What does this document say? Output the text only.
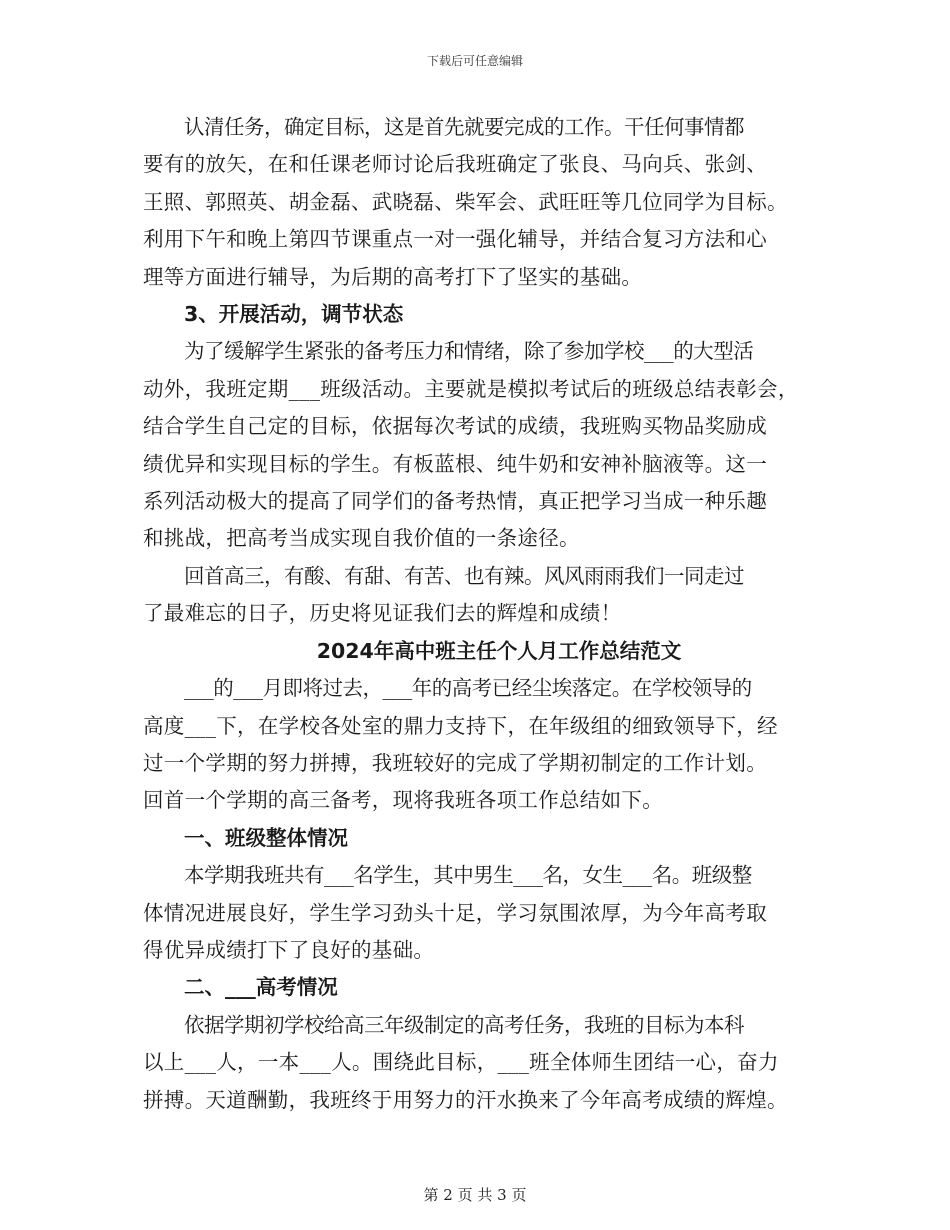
下载后可任意编辑

认清任务，确定目标，这是首先就要完成的工作。干任何事情都
要有的放矢，在和任课老师讨论后我班确定了张良、马向兵、张剑、
王照、郭照英、胡金磊、武晓磊、柴军会、武旺旺等几位同学为目标。
利用下午和晚上第四节课重点一对一强化辅导，并结合复习方法和心
理等方面进行辅导，为后期的高考打下了坚实的基础。

3、开展活动，调节状态

为了缓解学生紧张的备考压力和情绪，除了参加学校___的大型活
动外，我班定期___班级活动。主要就是模拟考试后的班级总结表彰会，
结合学生自己定的目标，依据每次考试的成绩，我班购买物品奖励成
绩优异和实现目标的学生。有板蓝根、纯牛奶和安神补脑液等。这一
系列活动极大的提高了同学们的备考热情，真正把学习当成一种乐趣
和挑战，把高考当成实现自我价值的一条途径。

回首高三，有酸、有甜、有苦、也有辣。风风雨雨我们一同走过
了最难忘的日子，历史将见证我们去的辉煌和成绩！

2024年高中班主任个人月工作总结范文

___的___月即将过去，___年的高考已经尘埃落定。在学校领导的
高度___下，在学校各处室的鼎力支持下，在年级组的细致领导下，经
过一个学期的努力拼搏，我班较好的完成了学期初制定的工作计划。
回首一个学期的高三备考，现将我班各项工作总结如下。

一、班级整体情况

本学期我班共有___名学生，其中男生___名，女生___名。班级整
体情况进展良好，学生学习劲头十足，学习氛围浓厚，为今年高考取
得优异成绩打下了良好的基础。

二、___高考情况

依据学期初学校给高三年级制定的高考任务，我班的目标为本科
以上___人，一本___人。围绕此目标，___班全体师生团结一心，奋力
拼搏。天道酬勤，我班终于用努力的汗水换来了今年高考成绩的辉煌。

第 2 页 共 3 页
